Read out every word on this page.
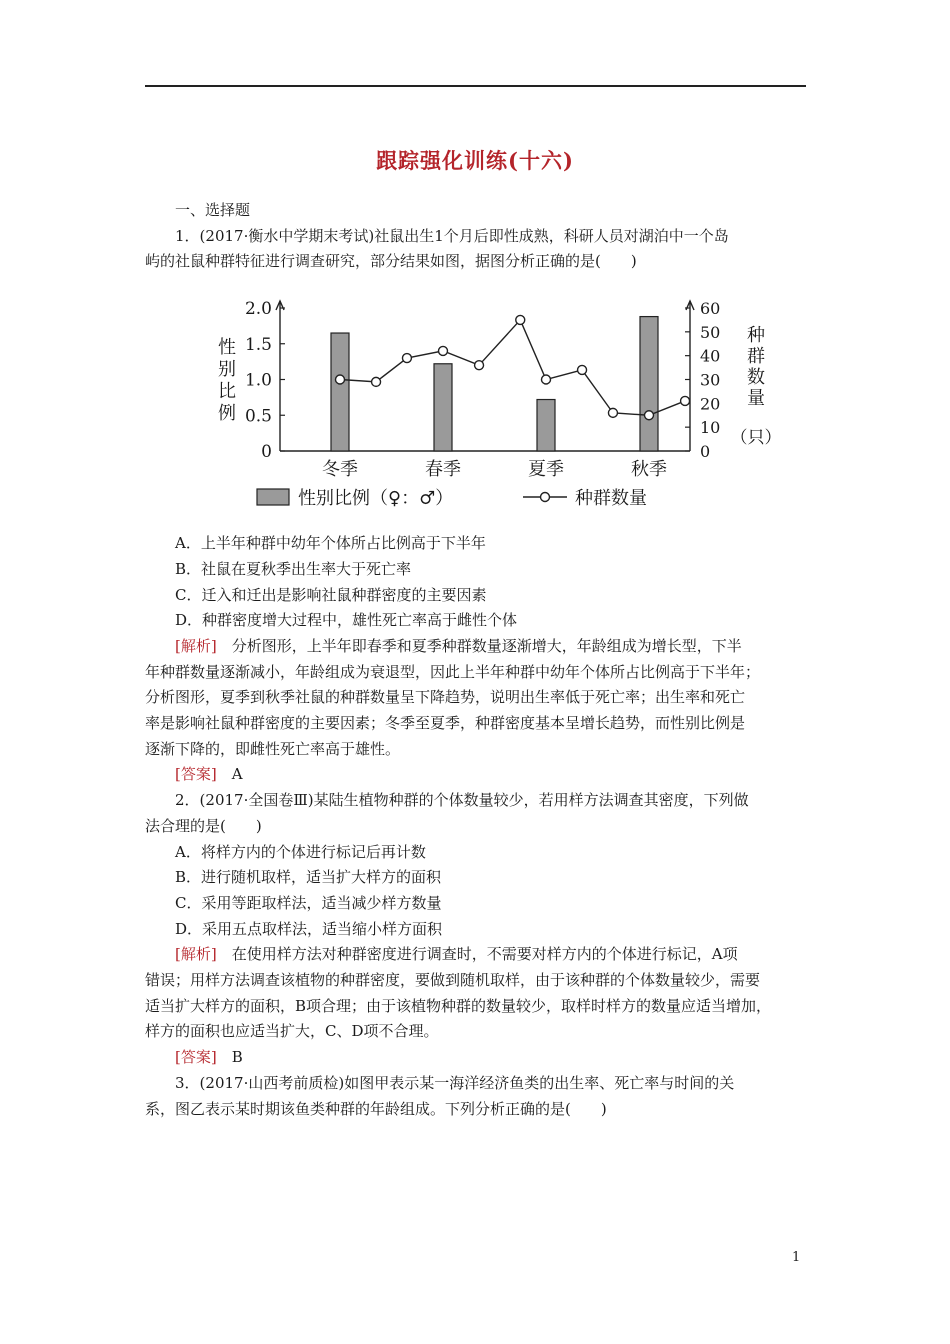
跟踪强化训练(十六)

一、选择题

1．(2017·衡水中学期末考试)社鼠出生1个月后即性成熟，科研人员对湖泊中一个岛

屿的社鼠种群特征进行调查研究，部分结果如图，据图分析正确的是(　　)

0
0.5
1.0
1.5
2.0
0
10
20
30
40
50
60
性
别
比
例
种
群
数
量
（只）
冬季	春季	夏季	秋季
性别比例（♀：♂）	种群数量

A．上半年种群中幼年个体所占比例高于下半年

B．社鼠在夏秋季出生率大于死亡率

C．迁入和迁出是影响社鼠种群密度的主要因素

D．种群密度增大过程中，雄性死亡率高于雌性个体

[解析]　 分析图形，上半年即春季和夏季种群数量逐渐增大，年龄组成为增长型，下半

年种群数量逐渐减小，年龄组成为衰退型，因此上半年种群中幼年个体所占比例高于下半年；

分析图形，夏季到秋季社鼠的种群数量呈下降趋势，说明出生率低于死亡率；出生率和死亡

率是影响社鼠种群密度的主要因素；冬季至夏季，种群密度基本呈增长趋势，而性别比例是

逐渐下降的，即雌性死亡率高于雄性。

[答案]　 A

2．(2017·全国卷Ⅲ)某陆生植物种群的个体数量较少，若用样方法调查其密度，下列做

法合理的是(　　)

A．将样方内的个体进行标记后再计数

B．进行随机取样，适当扩大样方的面积

C．采用等距取样法，适当减少样方数量

D．采用五点取样法，适当缩小样方面积

[解析]　 在使用样方法对种群密度进行调查时，不需要对样方内的个体进行标记，A项

错误；用样方法调查该植物的种群密度，要做到随机取样，由于该种群的个体数量较少，需要

适当扩大样方的面积，B项合理；由于该植物种群的数量较少，取样时样方的数量应适当增加，

样方的面积也应适当扩大，C、D项不合理。

[答案]　 B

3．(2017·山西考前质检)如图甲表示某一海洋经济鱼类的出生率、死亡率与时间的关

系，图乙表示某时期该鱼类种群的年龄组成。下列分析正确的是(　　)

1
